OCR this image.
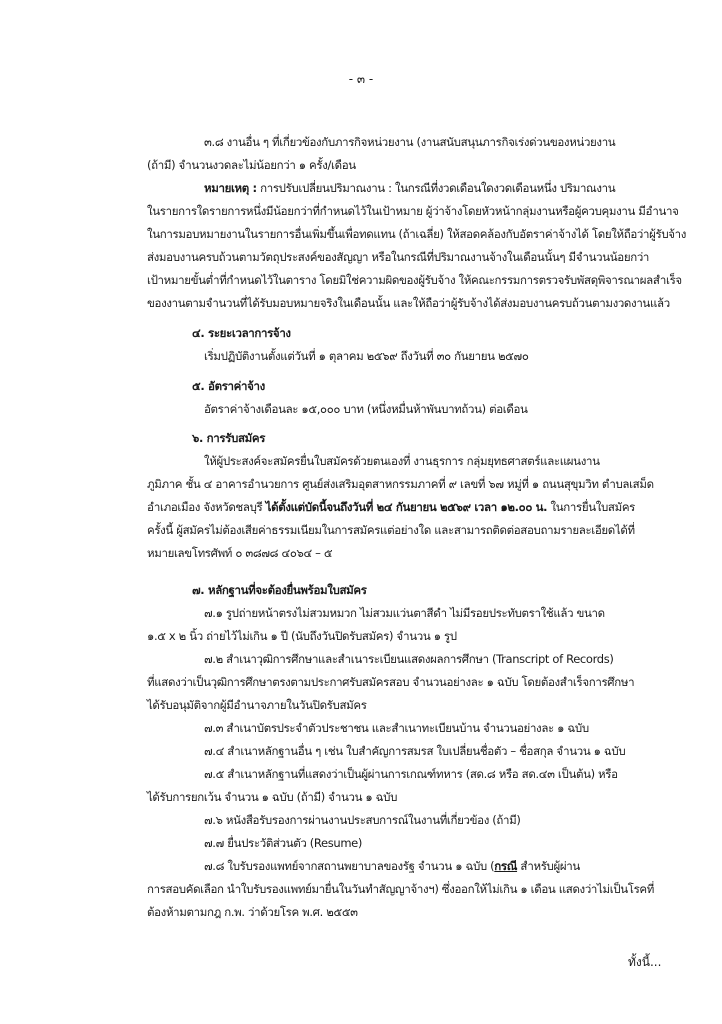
- ๓ -
๓.๘ งานอื่น ๆ ที่เกี่ยวข้องกับภารกิจหน่วยงาน (งานสนับสนุนภารกิจเร่งด่วนของหน่วยงาน
(ถ้ามี) จำนวนงวดละไม่น้อยกว่า ๑ ครั้ง/เดือน
หมายเหตุ : การปรับเปลี่ยนปริมาณงาน : ในกรณีที่งวดเดือนใดงวดเดือนหนึ่ง ปริมาณงาน
ในรายการใดรายการหนึ่งมีน้อยกว่าที่กำหนดไว้ในเป้าหมาย ผู้ว่าจ้างโดยหัวหน้ากลุ่มงานหรือผู้ควบคุมงาน มีอำนาจ
ในการมอบหมายงานในรายการอื่นเพิ่มขึ้นเพื่อทดแทน (ถ้าเฉลี่ย) ให้สอดคล้องกับอัตราค่าจ้างได้ โดยให้ถือว่าผู้รับจ้าง
ส่งมอบงานครบถ้วนตามวัตถุประสงค์ของสัญญา หรือในกรณีที่ปริมาณงานจ้างในเดือนนั้นๆ มีจำนวนน้อยกว่า
เป้าหมายขั้นต่ำที่กำหนดไว้ในตาราง โดยมิใช่ความผิดของผู้รับจ้าง ให้คณะกรรมการตรวจรับพัสดุพิจารณาผลสำเร็จ
ของงานตามจำนวนที่ได้รับมอบหมายจริงในเดือนนั้น และให้ถือว่าผู้รับจ้างได้ส่งมอบงานครบถ้วนตามงวดงานแล้ว
๔. ระยะเวลาการจ้าง
เริ่มปฏิบัติงานตั้งแต่วันที่ ๑ ตุลาคม ๒๕๖๙ ถึงวันที่ ๓๐ กันยายน ๒๕๗๐
๕. อัตราค่าจ้าง
อัตราค่าจ้างเดือนละ ๑๕,๐๐๐ บาท (หนึ่งหมื่นห้าพันบาทถ้วน) ต่อเดือน
๖. การรับสมัคร
ให้ผู้ประสงค์จะสมัครยื่นใบสมัครด้วยตนเองที่ งานธุรการ กลุ่มยุทธศาสตร์และแผนงาน
ภูมิภาค ชั้น ๔ อาคารอำนวยการ ศูนย์ส่งเสริมอุตสาหกรรมภาคที่ ๙ เลขที่ ๖๗ หมู่ที่ ๑ ถนนสุขุมวิท ตำบลเสม็ด
อำเภอเมือง จังหวัดชลบุรี ได้ตั้งแต่บัดนี้จนถึงวันที่ ๒๔ กันยายน ๒๕๖๙ เวลา ๑๒.๐๐ น. ในการยื่นใบสมัคร
ครั้งนี้ ผู้สมัครไม่ต้องเสียค่าธรรมเนียมในการสมัครแต่อย่างใด และสามารถติดต่อสอบถามรายละเอียดได้ที่
หมายเลขโทรศัพท์ ๐ ๓๘๗๘ ๔๐๖๔ – ๕
๗. หลักฐานที่จะต้องยื่นพร้อมใบสมัคร
๗.๑ รูปถ่ายหน้าตรงไม่สวมหมวก ไม่สวมแว่นตาสีดำ ไม่มีรอยประทับตราใช้แล้ว ขนาด
๑.๕ x ๒ นิ้ว ถ่ายไว้ไม่เกิน ๑ ปี (นับถึงวันปิดรับสมัคร) จำนวน ๑ รูป
๗.๒ สำเนาวุฒิการศึกษาและสำเนาระเบียนแสดงผลการศึกษา (Transcript of Records)
ที่แสดงว่าเป็นวุฒิการศึกษาตรงตามประกาศรับสมัครสอบ จำนวนอย่างละ ๑ ฉบับ โดยต้องสำเร็จการศึกษา
ได้รับอนุมัติจากผู้มีอำนาจภายในวันปิดรับสมัคร
๗.๓ สำเนาบัตรประจำตัวประชาชน และสำเนาทะเบียนบ้าน จำนวนอย่างละ ๑ ฉบับ
๗.๔ สำเนาหลักฐานอื่น ๆ เช่น ใบสำคัญการสมรส ใบเปลี่ยนชื่อตัว – ชื่อสกุล จำนวน ๑ ฉบับ
๗.๕ สำเนาหลักฐานที่แสดงว่าเป็นผู้ผ่านการเกณฑ์ทหาร (สด.๘ หรือ สด.๔๓ เป็นต้น) หรือ
ได้รับการยกเว้น จำนวน ๑ ฉบับ (ถ้ามี) จำนวน ๑ ฉบับ
๗.๖ หนังสือรับรองการผ่านงานประสบการณ์ในงานที่เกี่ยวข้อง (ถ้ามี)
๗.๗ ยื่นประวัติส่วนตัว (Resume)
๗.๘ ใบรับรองแพทย์จากสถานพยาบาลของรัฐ จำนวน ๑ ฉบับ (กรณี สำหรับผู้ผ่าน
การสอบคัดเลือก นำใบรับรองแพทย์มายื่นในวันทำสัญญาจ้างฯ) ซึ่งออกให้ไม่เกิน ๑ เดือน แสดงว่าไม่เป็นโรคที่
ต้องห้ามตามกฎ ก.พ. ว่าด้วยโรค พ.ศ. ๒๕๕๓
ทั้งนี้...
